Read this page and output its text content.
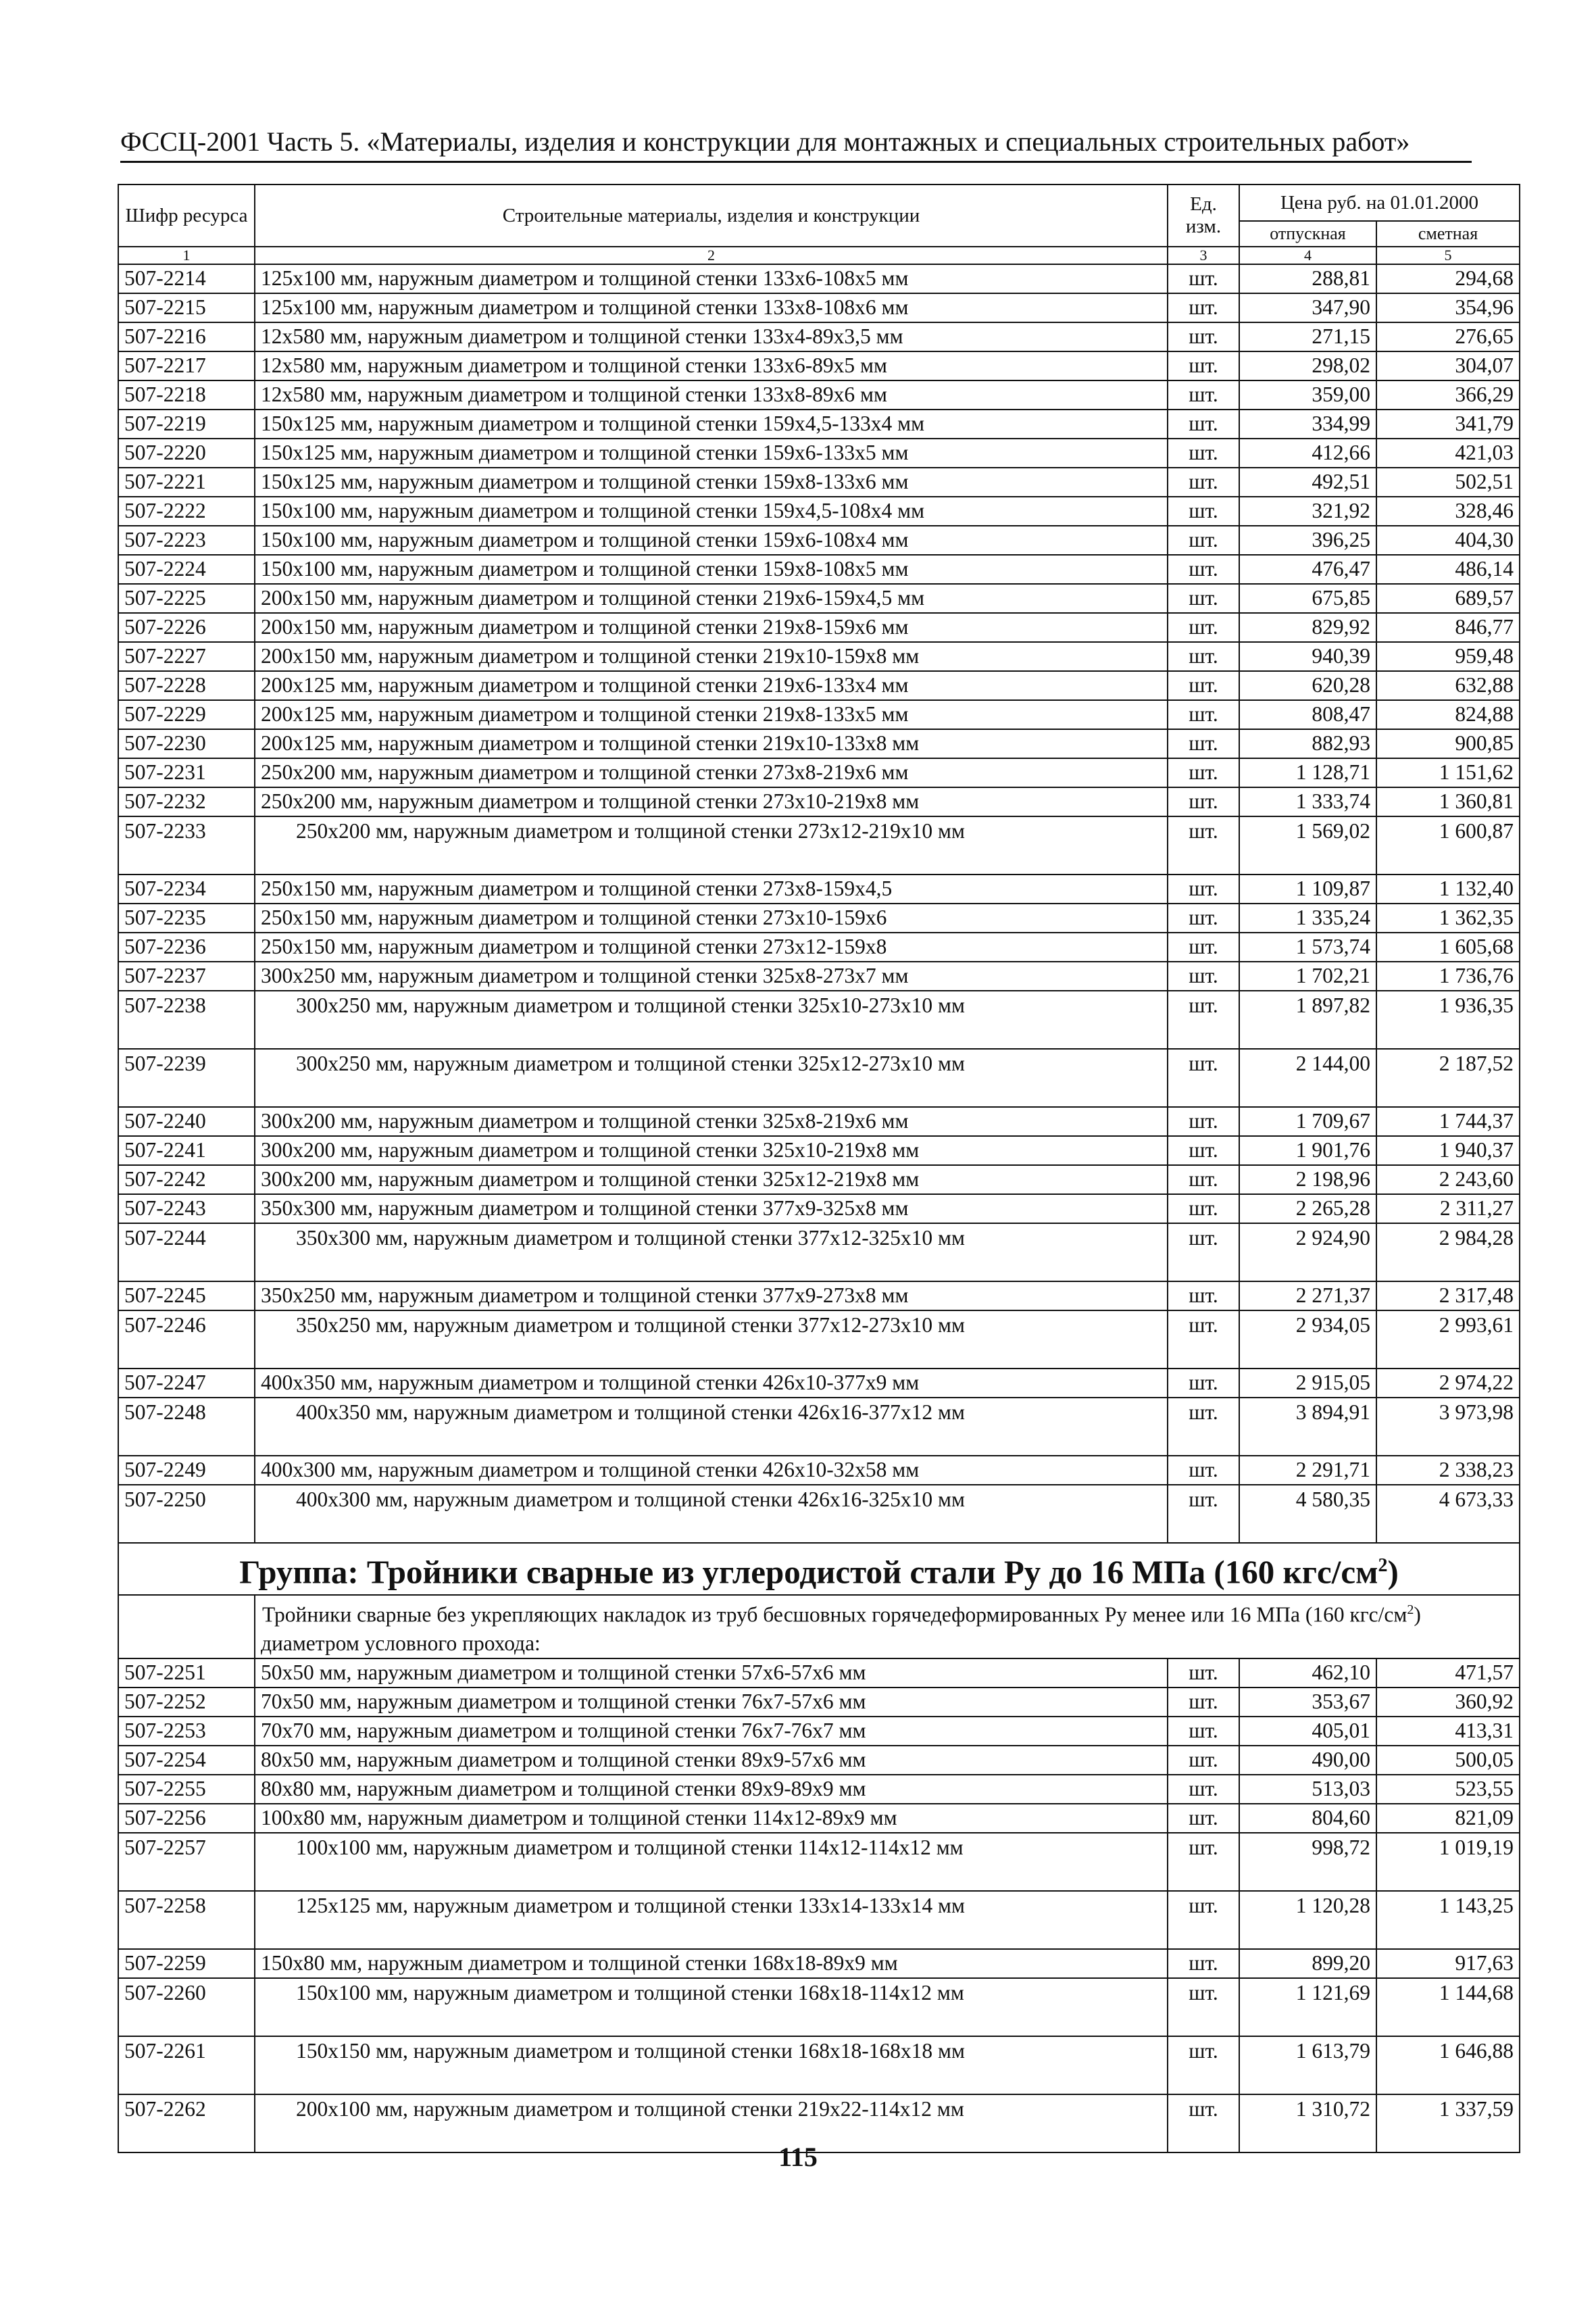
ФССЦ-2001 Часть 5. «Материалы, изделия и конструкции для монтажных и специальных строительных работ»
Шифр ресурса	Строительные материалы, изделия и конструкции	Ед. изм.	Цена руб. на 01.01.2000	
			отпускная	сметная
1	2	3	4	5
507-2214	125x100 мм, наружным диаметром и толщиной стенки 133x6-108x5 мм	шт.	288,81	294,68
507-2215	125x100 мм, наружным диаметром и толщиной стенки 133x8-108x6 мм	шт.	347,90	354,96
507-2216	12x580 мм, наружным диаметром и толщиной стенки 133x4-89x3,5 мм	шт.	271,15	276,65
507-2217	12x580 мм, наружным диаметром и толщиной стенки 133x6-89x5 мм	шт.	298,02	304,07
507-2218	12x580 мм, наружным диаметром и толщиной стенки 133x8-89x6 мм	шт.	359,00	366,29
507-2219	150x125 мм, наружным диаметром и толщиной стенки 159x4,5-133x4 мм	шт.	334,99	341,79
507-2220	150x125 мм, наружным диаметром и толщиной стенки 159x6-133x5 мм	шт.	412,66	421,03
507-2221	150x125 мм, наружным диаметром и толщиной стенки 159x8-133x6 мм	шт.	492,51	502,51
507-2222	150x100 мм, наружным диаметром и толщиной стенки 159x4,5-108x4 мм	шт.	321,92	328,46
507-2223	150x100 мм, наружным диаметром и толщиной стенки 159x6-108x4 мм	шт.	396,25	404,30
507-2224	150x100 мм, наружным диаметром и толщиной стенки 159x8-108x5 мм	шт.	476,47	486,14
507-2225	200x150 мм, наружным диаметром и толщиной стенки 219x6-159x4,5 мм	шт.	675,85	689,57
507-2226	200x150 мм, наружным диаметром и толщиной стенки 219x8-159x6 мм	шт.	829,92	846,77
507-2227	200x150 мм, наружным диаметром и толщиной стенки 219x10-159x8 мм	шт.	940,39	959,48
507-2228	200x125 мм, наружным диаметром и толщиной стенки 219x6-133x4 мм	шт.	620,28	632,88
507-2229	200x125 мм, наружным диаметром и толщиной стенки 219x8-133x5 мм	шт.	808,47	824,88
507-2230	200x125 мм, наружным диаметром и толщиной стенки 219x10-133x8 мм	шт.	882,93	900,85
507-2231	250x200 мм, наружным диаметром и толщиной стенки 273x8-219x6 мм	шт.	1 128,71	1 151,62
507-2232	250x200 мм, наружным диаметром и толщиной стенки 273x10-219x8 мм	шт.	1 333,74	1 360,81
507-2233	250x200 мм, наружным диаметром и толщиной стенки 273x12-219x10 мм	шт.	1 569,02	1 600,87
507-2234	250x150 мм, наружным диаметром и толщиной стенки 273x8-159x4,5	шт.	1 109,87	1 132,40
507-2235	250x150 мм, наружным диаметром и толщиной стенки 273x10-159x6	шт.	1 335,24	1 362,35
507-2236	250x150 мм, наружным диаметром и толщиной стенки 273x12-159x8	шт.	1 573,74	1 605,68
507-2237	300x250 мм, наружным диаметром и толщиной стенки 325x8-273x7 мм	шт.	1 702,21	1 736,76
507-2238	300x250 мм, наружным диаметром и толщиной стенки 325x10-273x10 мм	шт.	1 897,82	1 936,35
507-2239	300x250 мм, наружным диаметром и толщиной стенки 325x12-273x10 мм	шт.	2 144,00	2 187,52
507-2240	300x200 мм, наружным диаметром и толщиной стенки 325x8-219x6 мм	шт.	1 709,67	1 744,37
507-2241	300x200 мм, наружным диаметром и толщиной стенки 325x10-219x8 мм	шт.	1 901,76	1 940,37
507-2242	300x200 мм, наружным диаметром и толщиной стенки 325x12-219x8 мм	шт.	2 198,96	2 243,60
507-2243	350x300 мм, наружным диаметром и толщиной стенки 377x9-325x8 мм	шт.	2 265,28	2 311,27
507-2244	350x300 мм, наружным диаметром и толщиной стенки 377x12-325x10 мм	шт.	2 924,90	2 984,28
507-2245	350x250 мм, наружным диаметром и толщиной стенки 377x9-273x8 мм	шт.	2 271,37	2 317,48
507-2246	350x250 мм, наружным диаметром и толщиной стенки 377x12-273x10 мм	шт.	2 934,05	2 993,61
507-2247	400x350 мм, наружным диаметром и толщиной стенки 426x10-377x9 мм	шт.	2 915,05	2 974,22
507-2248	400x350 мм, наружным диаметром и толщиной стенки 426x16-377x12 мм	шт.	3 894,91	3 973,98
507-2249	400x300 мм, наружным диаметром и толщиной стенки 426x10-32x58 мм	шт.	2 291,71	2 338,23
507-2250	400x300 мм, наружным диаметром и толщиной стенки 426x16-325x10 мм	шт.	4 580,35	4 673,33
Группа: Тройники сварные из углеродистой стали Ру до 16 МПа (160 кгс/$см^2$)				
	Тройники сварные без укрепляющих накладок из труб бесшовных горячедеформированных Ру менее или 16 МПа (160 кгс/$см^2$) диаметром условного прохода:			
507-2251	50x50 мм, наружным диаметром и толщиной стенки 57x6-57x6 мм	шт.	462,10	471,57
507-2252	70x50 мм, наружным диаметром и толщиной стенки 76x7-57x6 мм	шт.	353,67	360,92
507-2253	70x70 мм, наружным диаметром и толщиной стенки 76x7-76x7 мм	шт.	405,01	413,31
507-2254	80x50 мм, наружным диаметром и толщиной стенки 89x9-57x6 мм	шт.	490,00	500,05
507-2255	80x80 мм, наружным диаметром и толщиной стенки 89x9-89x9 мм	шт.	513,03	523,55
507-2256	100x80 мм, наружным диаметром и толщиной стенки 114x12-89x9 мм	шт.	804,60	821,09
507-2257	100x100 мм, наружным диаметром и толщиной стенки 114x12-114x12 мм	шт.	998,72	1 019,19
507-2258	125x125 мм, наружным диаметром и толщиной стенки 133x14-133x14 мм	шт.	1 120,28	1 143,25
507-2259	150x80 мм, наружным диаметром и толщиной стенки 168x18-89x9 мм	шт.	899,20	917,63
507-2260	150x100 мм, наружным диаметром и толщиной стенки 168x18-114x12 мм	шт.	1 121,69	1 144,68
507-2261	150x150 мм, наружным диаметром и толщиной стенки 168x18-168x18 мм	шт.	1 613,79	1 646,88
507-2262	200x100 мм, наружным диаметром и толщиной стенки 219x22-114x12 мм	шт.	1 310,72	1 337,59
115
